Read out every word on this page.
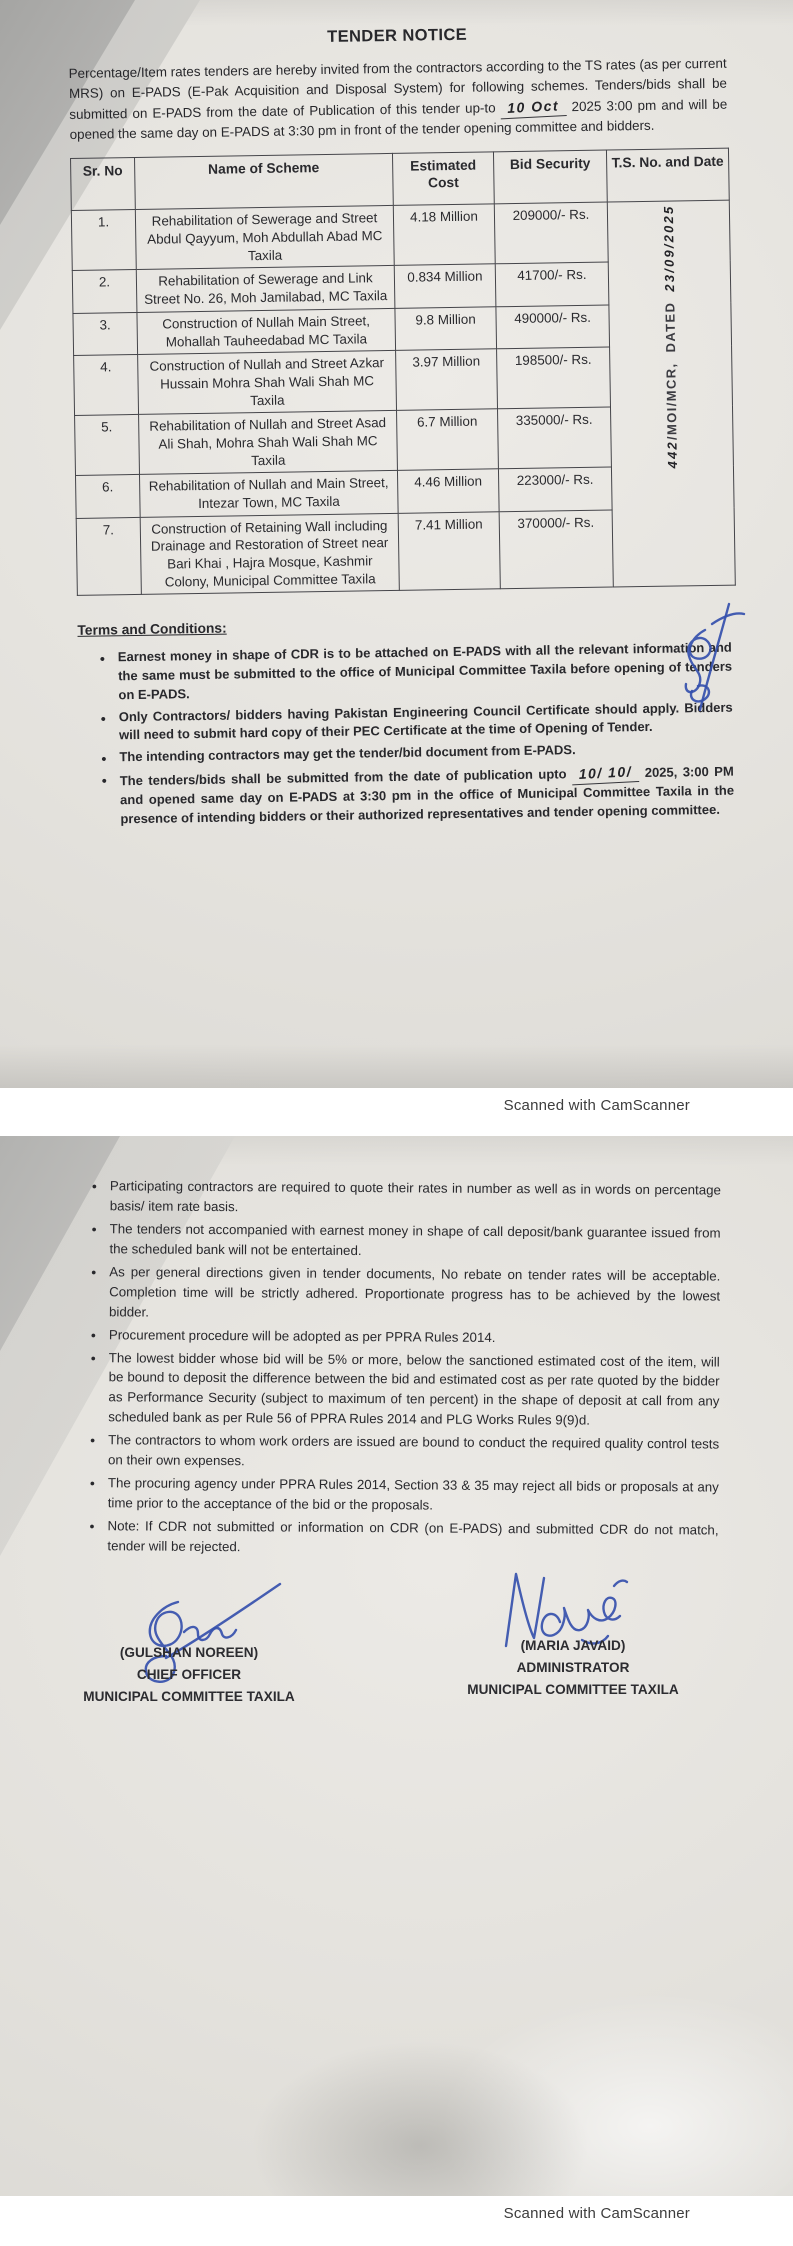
TENDER NOTICE

Percentage/Item rates tenders are hereby invited from the contractors according to the TS rates (as per current MRS) on E-PADS (E-Pak Acquisition and Disposal System) for following schemes. Tenders/bids shall be submitted on E-PADS from the date of Publication of this tender up-to 10 Oct 2025 3:00 pm and will be opened the same day on E-PADS at 3:30 pm in front of the tender opening committee and bidders.

Sr. No	Name of Scheme	Estimated Cost	Bid Security	T.S. No. and Date
1.	Rehabilitation of Sewerage and Street Abdul Qayyum, Moh Abdullah Abad MC Taxila	4.18 Million	209000/- Rs.	442/MOI/MCR,  DATED  23/09/2025

2.	Rehabilitation of Sewerage and Link Street No. 26, Moh Jamilabad, MC Taxila	0.834 Million	41700/- Rs.	
3.	Construction of Nullah Main Street, Mohallah Tauheedabad MC Taxila	9.8 Million	490000/- Rs.	
4.	Construction of Nullah and Street Azkar Hussain Mohra Shah Wali Shah MC Taxila	3.97 Million	198500/- Rs.	
5.	Rehabilitation of Nullah and Street Asad Ali Shah, Mohra Shah Wali Shah MC Taxila	6.7 Million	335000/- Rs.	
6.	Rehabilitation of Nullah and Main Street, Intezar Town, MC Taxila	4.46 Million	223000/- Rs.	
7.	Construction of Retaining Wall including Drainage and Restoration of Street near Bari Khai , Hajra Mosque, Kashmir Colony, Municipal Committee Taxila	7.41 Million	370000/- Rs.	
Terms and Conditions:
• Earnest money in shape of CDR is to be attached on E-PADS with all the relevant information and the same must be submitted to the office of Municipal Committee Taxila before opening of tenders on E-PADS.
• Only Contractors/ bidders having Pakistan Engineering Council Certificate should apply. Bidders will need to submit hard copy of their PEC Certificate at the time of Opening of Tender.
• The intending contractors may get the tender/bid document from E-PADS.
• The tenders/bids shall be submitted from the date of publication upto 10/ 10/ 2025, 3:00 PM and opened same day on E-PADS at 3:30 pm in the office of Municipal Committee Taxila in the presence of intending bidders or their authorized representatives and tender opening committee.
Scanned with CamScanner
• Participating contractors are required to quote their rates in number as well as in words on percentage basis/ item rate basis.
• The tenders not accompanied with earnest money in shape of call deposit/bank guarantee issued from the scheduled bank will not be entertained.
• As per general directions given in tender documents, No rebate on tender rates will be acceptable. Completion time will be strictly adhered. Proportionate progress has to be achieved by the lowest bidder.
• Procurement procedure will be adopted as per PPRA Rules 2014.
• The lowest bidder whose bid will be 5% or more, below the sanctioned estimated cost of the item, will be bound to deposit the difference between the bid and estimated cost as per rate quoted by the bidder as Performance Security (subject to maximum of ten percent) in the shape of deposit at call from any scheduled bank as per Rule 56 of PPRA Rules 2014 and PLG Works Rules 9(9)d.
• The contractors to whom work orders are issued are bound to conduct the required quality control tests on their own expenses.
• The procuring agency under PPRA Rules 2014, Section 33 & 35 may reject all bids or proposals at any time prior to the acceptance of the bid or the proposals.
• Note: If CDR not submitted or information on CDR (on E-PADS) and submitted CDR do not match, tender will be rejected.
(GULSHAN NOREEN)
CHIEF OFFICER
MUNICIPAL COMMITTEE TAXILA
(MARIA JAVAID)
ADMINISTRATOR
MUNICIPAL COMMITTEE TAXILA
Scanned with CamScanner
